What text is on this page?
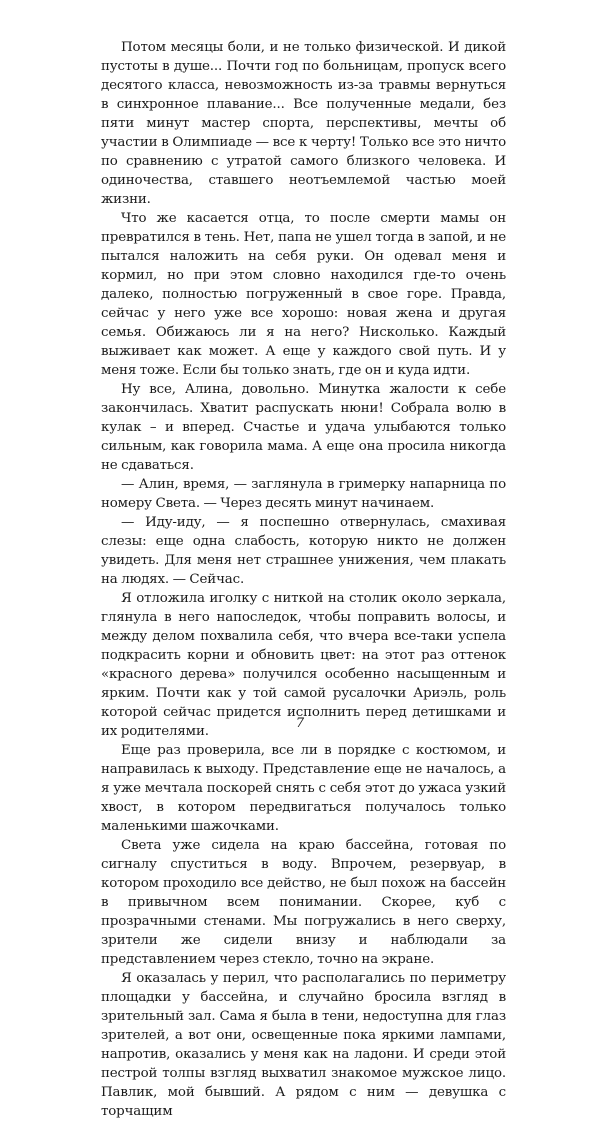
Потом месяцы боли, и не только физической. И дикой пустоты в душе... Почти год по больницам, пропуск всего десятого класса, невозможность из-за травмы вернуться в синхронное плавание... Все полученные медали, без пяти минут мастер спорта, перспективы, мечты об участии в Олимпиаде — все к черту! Только все это ничто по сравнению с утратой самого близкого человека. И одиночества, ставшего неотъемлемой частью моей жизни.

Что же касается отца, то после смерти мамы он превратился в тень. Нет, папа не ушел тогда в запой, и не пытался наложить на себя руки. Он одевал меня и кормил, но при этом словно находился где-то очень далеко, полностью погруженный в свое горе. Правда, сейчас у него уже все хорошо: новая жена и другая семья. Обижаюсь ли я на него? Нисколько. Каждый выживает как может. А еще у каждого свой путь. И у меня тоже. Если бы только знать, где он и куда идти.

Ну все, Алина, довольно. Минутка жалости к себе закончилась. Хватит распускать нюни! Собрала волю в кулак – и вперед. Счастье и удача улыбаются только сильным, как говорила мама. А еще она просила никогда не сдаваться.

— Алин, время, — заглянула в гримерку напарница по номеру Света. — Через десять минут начинаем.

— Иду-иду, — я поспешно отвернулась, смахивая слезы: еще одна слабость, которую никто не должен увидеть. Для меня нет страшнее унижения, чем плакать на людях. — Сейчас.

Я отложила иголку с ниткой на столик около зеркала, глянула в него напоследок, чтобы поправить волосы, и между делом похвалила себя, что вчера все-таки успела подкрасить корни и обновить цвет: на этот раз оттенок «красного дерева» получился особенно насыщенным и ярким. Почти как у той самой русалочки Ариэль, роль которой сейчас придется исполнить перед детишками и их родителями.

Еще раз проверила, все ли в порядке с костюмом, и направилась к выходу. Представление еще не началось, а я уже мечтала поскорей снять с себя этот до ужаса узкий хвост, в котором передвигаться получалось только маленькими шажочками.

Света уже сидела на краю бассейна, готовая по сигналу спуститься в воду. Впрочем, резервуар, в котором проходило все действо, не был похож на бассейн в привычном всем понимании. Скорее, куб с прозрачными стенами. Мы погружались в него сверху, зрители же сидели внизу и наблюдали за представлением через стекло, точно на экране.

Я оказалась у перил, что располагались по периметру площадки у бассейна, и случайно бросила взгляд в зрительный зал. Сама я была в тени, недоступна для глаз зрителей, а вот они, освещенные пока яркими лампами, напротив, оказались у меня как на ладони. И среди этой пестрой толпы взгляд выхватил знакомое мужское лицо. Павлик, мой бывший. А рядом с ним — девушка с торчащим

7
